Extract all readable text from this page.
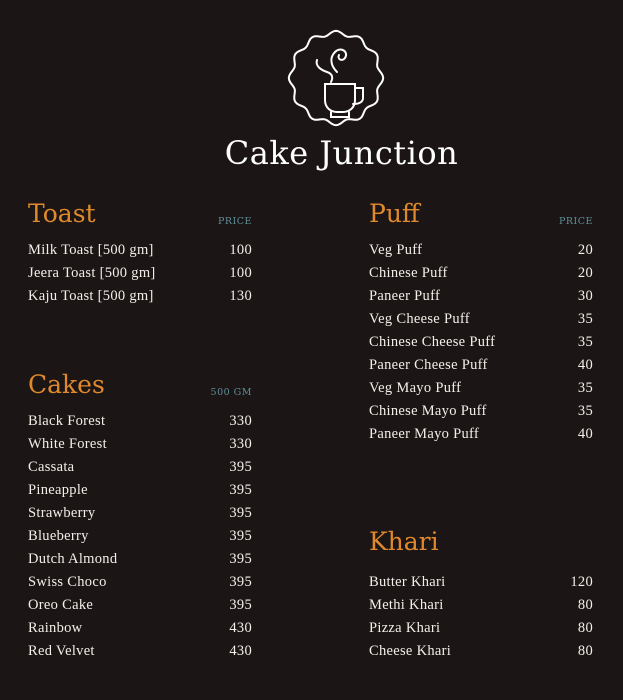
Cake Junction
Toast	PRICE
Milk Toast [500 gm]	100
Jeera Toast [500 gm]	100
Kaju Toast [500 gm]	130
Cakes	500 GM
Black Forest	330
White Forest	330
Cassata	395
Pineapple	395
Strawberry	395
Blueberry	395
Dutch Almond	395
Swiss Choco	395
Oreo Cake	395
Rainbow	430
Red Velvet	430
Puff	PRICE
Veg Puff	20
Chinese Puff	20
Paneer Puff	30
Veg Cheese Puff	35
Chinese Cheese Puff	35
Paneer Cheese Puff	40
Veg Mayo Puff	35
Chinese Mayo Puff	35
Paneer Mayo Puff	40
Khari
Butter Khari	120
Methi Khari	80
Pizza Khari	80
Cheese Khari	80
